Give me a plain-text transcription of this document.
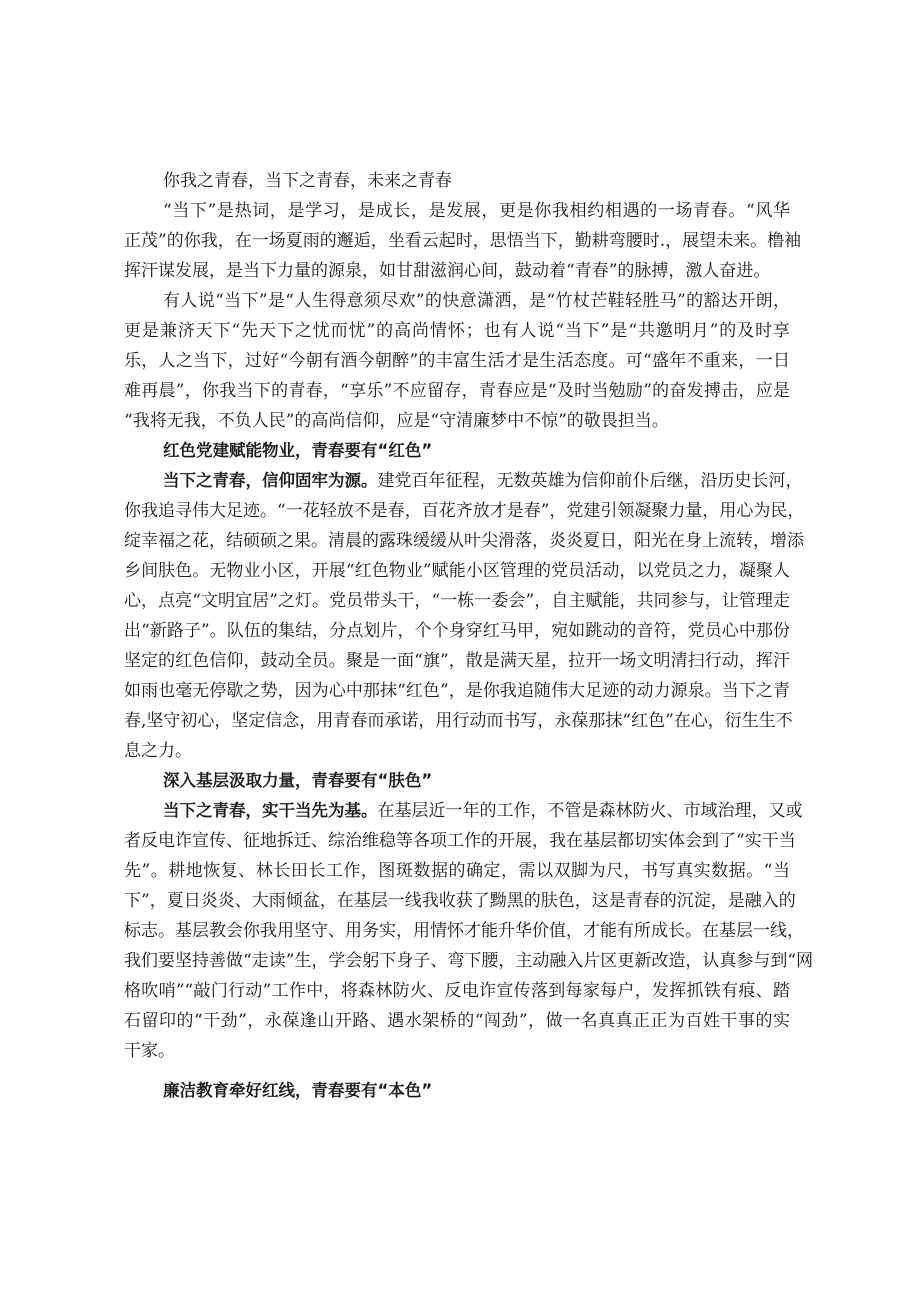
你我之青春，当下之青春，未来之青春
“当下”是热词，是学习，是成长，是发展，更是你我相约相遇的一场青春。“风华
正茂”的你我，在一场夏雨的邂逅，坐看云起时，思悟当下，勤耕弯腰时.，展望未来。橹袖
挥汗谋发展，是当下力量的源泉，如甘甜滋润心间，鼓动着“青春”的脉搏，激人奋进。
有人说“当下”是“人生得意须尽欢”的快意潇洒，是“竹杖芒鞋轻胜马”的豁达开朗，
更是兼济天下“先天下之忧而忧”的高尚情怀；也有人说“当下”是“共邀明月”的及时享
乐，人之当下，过好“今朝有酒今朝醉”的丰富生活才是生活态度。可“盛年不重来，一日
难再晨”，你我当下的青春，“享乐”不应留存，青春应是“及时当勉励”的奋发搏击，应是
“我将无我，不负人民”的高尚信仰，应是“守清廉梦中不惊”的敬畏担当。
红色党建赋能物业，青春要有“红色”
当下之青春，信仰固牢为源。建党百年征程，无数英雄为信仰前仆后继，沿历史长河，
你我追寻伟大足迹。“一花轻放不是春，百花齐放才是春”，党建引领凝聚力量，用心为民，
绽幸福之花，结硕硕之果。清晨的露珠缓缓从叶尖滑落，炎炎夏日，阳光在身上流转，增添
乡间肤色。无物业小区，开展“红色物业”赋能小区管理的党员活动，以党员之力，凝聚人
心，点亮“文明宜居”之灯。党员带头干，“一栋一委会”，自主赋能，共同参与，让管理走
出“新路子”。队伍的集结，分点划片，个个身穿红马甲，宛如跳动的音符，党员心中那份
坚定的红色信仰，鼓动全员。聚是一面“旗”，散是满天星，拉开一场文明清扫行动，挥汗
如雨也毫无停歇之势，因为心中那抹“红色”，是你我追随伟大足迹的动力源泉。当下之青
春,坚守初心，坚定信念，用青春而承诺，用行动而书写，永葆那抹“红色”在心，衍生生不
息之力。
深入基层汲取力量，青春要有“肤色”
当下之青春，实干当先为基。在基层近一年的工作，不管是森林防火、市域治理，又或
者反电诈宣传、征地拆迁、综治维稳等各项工作的开展，我在基层都切实体会到了“实干当
先”。耕地恢复、林长田长工作，图斑数据的确定，需以双脚为尺，书写真实数据。“当
下”，夏日炎炎、大雨倾盆，在基层一线我收获了黝黑的肤色，这是青春的沉淀，是融入的
标志。基层教会你我用坚守、用务实，用情怀才能升华价值，才能有所成长。在基层一线，
我们要坚持善做“走读”生，学会躬下身子、弯下腰，主动融入片区更新改造，认真参与到“网
格吹哨”“敲门行动”工作中，将森林防火、反电诈宣传落到每家每户，发挥抓铁有痕、踏
石留印的“干劲”，永葆逢山开路、遇水架桥的“闯劲”，做一名真真正正为百姓干事的实
干家。
廉洁教育牵好红线，青春要有“本色”
